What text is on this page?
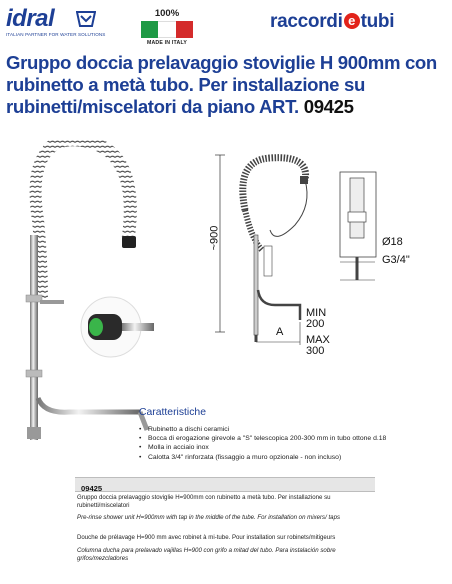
idral
ITALIAN PARTNER FOR WATER SOLUTIONS
100%
MADE IN ITALY
raccordi e tubi
Gruppo doccia prelavaggio stoviglie H 900mm con rubinetto a metà tubo. Per installazione su rubinetti/miscelatori da piano ART. 09425
~900	Ø18
G3/4"
A
MIN
200
MAX
300
Caratteristiche
• Rubinetto a dischi ceramici
• Bocca di erogazione girevole a "S" telescopica 200-300 mm in tubo ottone d.18
• Molla in acciaio inox
• Calotta 3/4" rinforzata (fissaggio a muro opzionale - non incluso)
09425
Gruppo doccia prelavaggio stoviglie H=900mm con rubinetto a metà tubo. Per installazione su rubinetti/miscelatori
Pre-rinse shower unit H=900mm with tap in the middle of the tube. For installation on mixers/ taps
Douche de prélavage H=900 mm avec robinet à mi-tube. Pour installation sur robinets/mitigeurs
Columna ducha para prelavado vajillas H=900 con grifo a mitad del tubo. Para instalación sobre grifos/mezcladores
